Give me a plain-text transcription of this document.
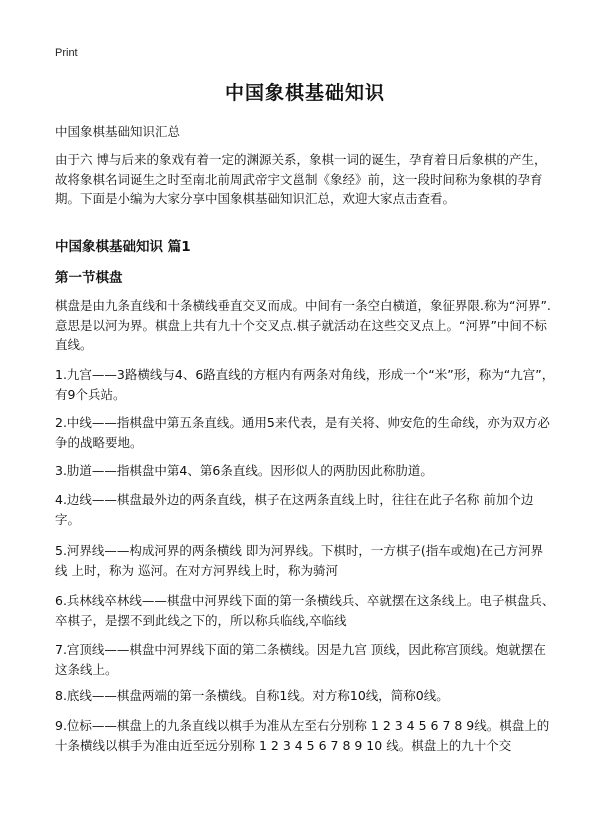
Print
中国象棋基础知识

中国象棋基础知识汇总

由于六 博与后来的象戏有着一定的渊源关系，象棋一词的诞生，孕育着日后象棋的产生，故将象棋名词诞生之时至南北前周武帝宇文邕制《象经》前，这一段时间称为象棋的孕育期。下面是小编为大家分享中国象棋基础知识汇总，欢迎大家点击查看。

中国象棋基础知识 篇1
第一节棋盘

棋盘是由九条直线和十条横线垂直交叉而成。中间有一条空白横道，象征界限.称为“河界”.意思是以河为界。棋盘上共有九十个交叉点.棋子就活动在这些交叉点上。“河界”中间不标直线。

1.九宫——3路横线与4、6路直线的方框内有两条对角线，形成一个“米”形，称为“九宫”，有9个兵站。

2.中线——指棋盘中第五条直线。通用5来代表，是有关将、帅安危的生命线，亦为双方必争的战略要地。

3.肋道——指棋盘中第4、第6条直线。因形似人的两肋因此称肋道。

4.边线——棋盘最外边的两条直线，棋子在这两条直线上时，往往在此子名称 前加个边字。

5.河界线——构成河界的两条横线 即为河界线。下棋时，一方棋子(指车或炮)在己方河界线 上时，称为 巡河。在对方河界线上时，称为骑河

6.兵林线卒林线——棋盘中河界线下面的第一条横线兵、卒就摆在这条线上。电子棋盘兵、卒棋子，是摆不到此线之下的，所以称兵临线,卒临线

7.宫顶线——棋盘中河界线下面的第二条横线。因是九宫 顶线，因此称宫顶线。炮就摆在这条线上。

8.底线——棋盘两端的第一条横线。自称1线。对方称10线，简称0线。

9.位标——棋盘上的九条直线以棋手为准从左至右分别称 1 2 3 4 5 6 7 8 9线。棋盘上的十条横线以棋手为准由近至远分别称 1 2 3 4 5 6 7 8 9 10 线。棋盘上的九十个交
